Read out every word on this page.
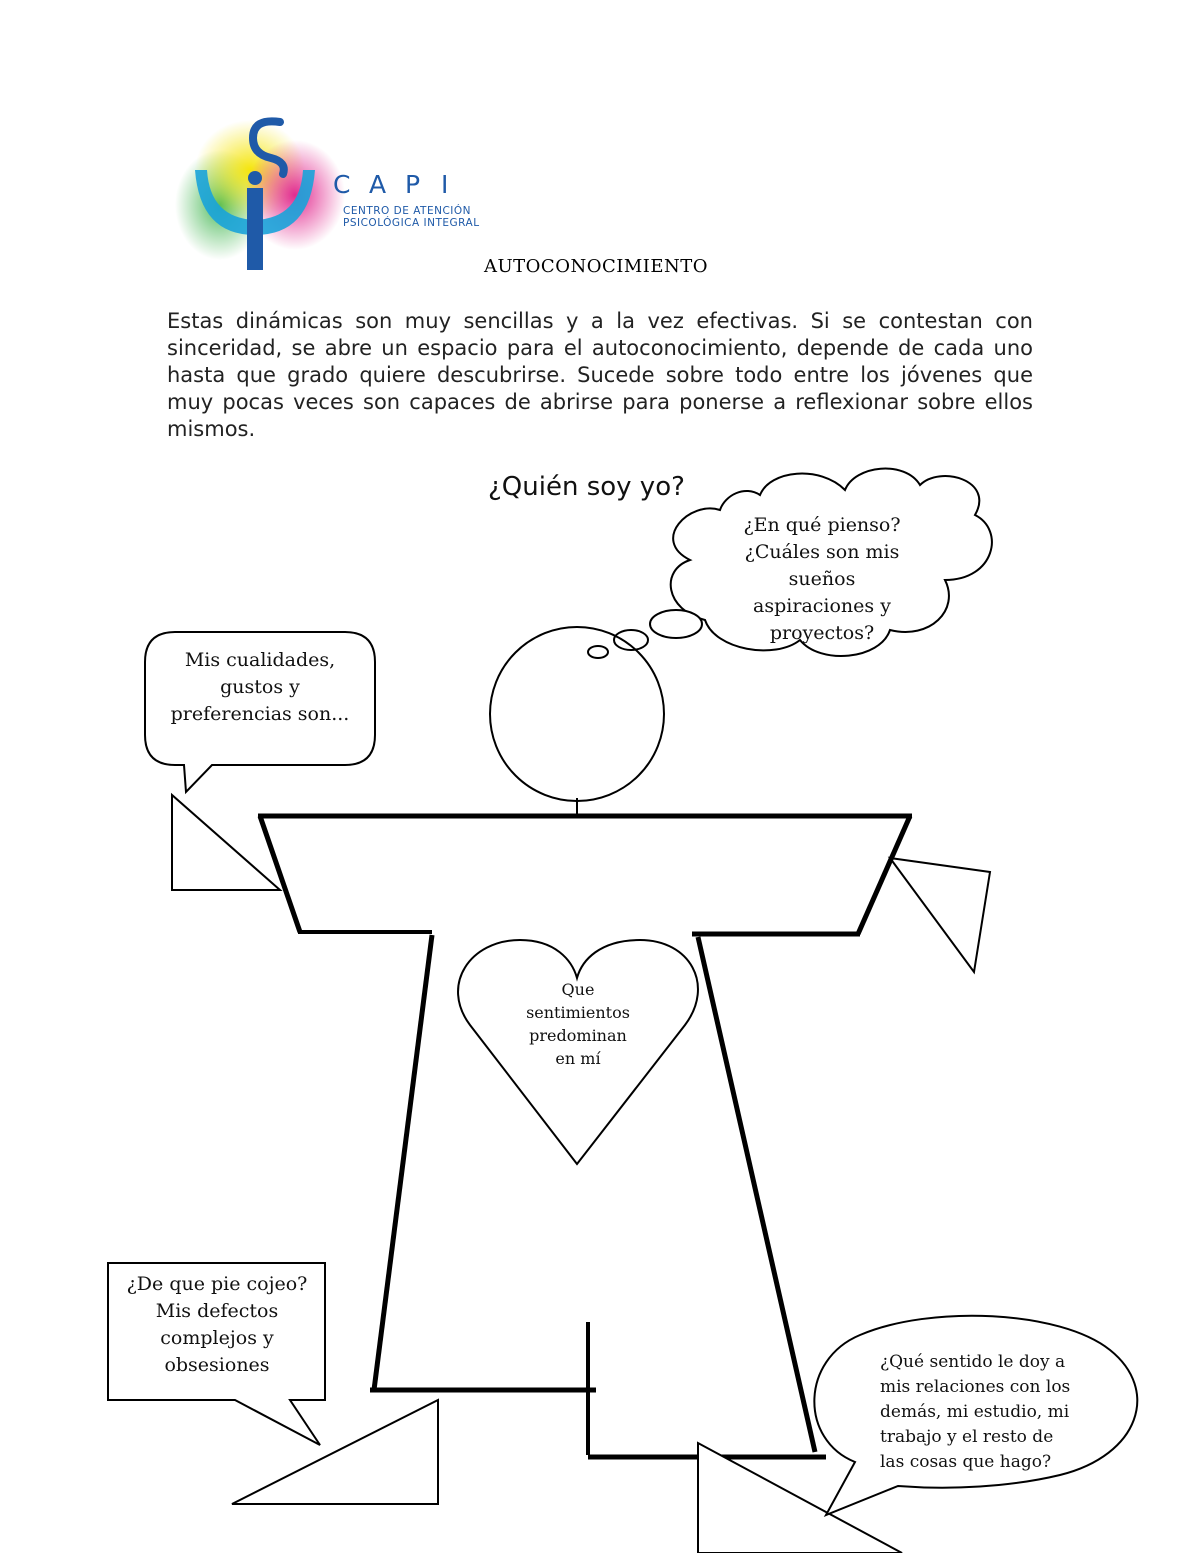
C A P I
CENTRO DE ATENCIÓN
PSICOLÓGICA INTEGRAL
AUTOCONOCIMIENTO
Estas dinámicas son muy sencillas y a la vez efectivas. Si se contestan con sinceridad, se abre un espacio para el autoconocimiento, depende de cada uno hasta que grado quiere descubrirse. Sucede sobre todo entre los jóvenes que muy pocas veces son capaces de abrirse para ponerse a reflexionar sobre ellos mismos.
¿Quién soy yo?
¿En qué pienso?
¿Cuáles son mis
sueños
aspiraciones y
proyectos?
Mis cualidades,
gustos y
preferencias son...
Que
sentimientos
predominan
en mí
¿De que pie cojeo?
Mis defectos
complejos y
obsesiones	¿Qué sentido le doy a
mis relaciones con los
demás, mi estudio, mi
trabajo y el resto de
las cosas que hago?
